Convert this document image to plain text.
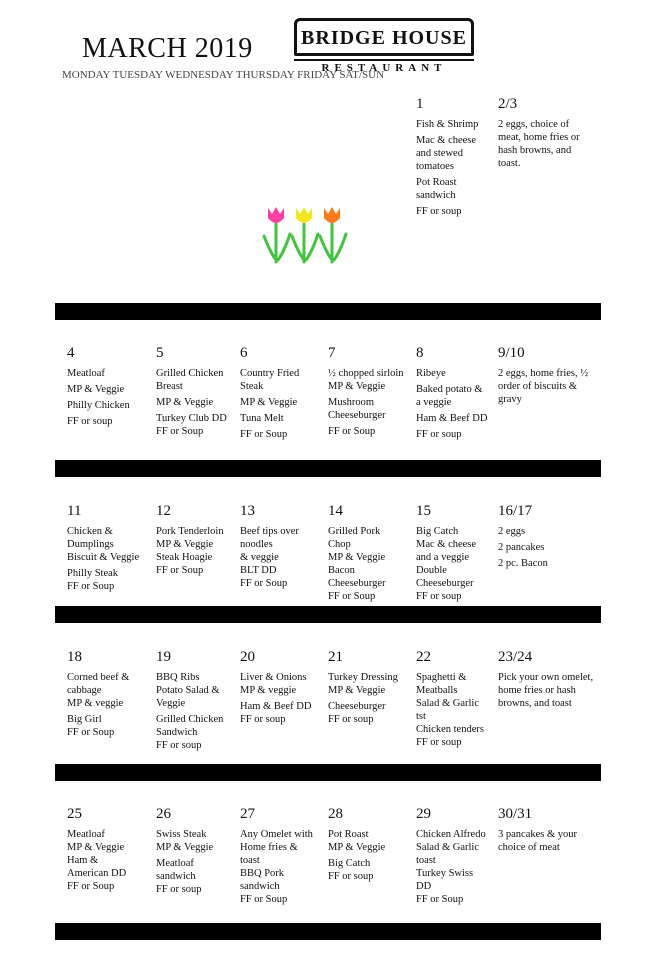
MARCH 2019	BRIDGE HOUSE
RESTAURANT
MONDAY TUESDAY WEDNESDAY THURSDAY FRIDAY SAT/SUN
1
Fish & Shrimp
Mac & cheese
and stewed
tomatoes
Pot Roast
sandwich
FF or soup
2/3
2 eggs, choice of
meat, home fries or
hash browns, and
toast.
4
Meatloaf
MP & Veggie
Philly Chicken
FF or soup
5
Grilled Chicken
Breast
MP & Veggie
Turkey Club DD
FF or Soup
6
Country Fried
Steak
MP & Veggie
Tuna Melt
FF or Soup
7
½ chopped sirloin
MP & Veggie
Mushroom
Cheeseburger
FF or Soup
8
Ribeye
Baked potato &
a veggie
Ham & Beef DD
FF or soup
9/10
2 eggs, home fries, ½
order of biscuits &
gravy
11
Chicken &
Dumplings
Biscuit & Veggie
Philly Steak
FF or Soup
12
Pork Tenderloin
MP & Veggie
Steak Hoagie
FF or Soup
13
Beef tips over
noodles
& veggie
BLT DD
FF or Soup
14
Grilled Pork
Chop
MP & Veggie
Bacon
Cheeseburger
FF or Soup
15
Big Catch
Mac & cheese
and a veggie
Double
Cheeseburger
FF or soup
16/17
2 eggs
2 pancakes
2 pc. Bacon
18
Corned beef &
cabbage
MP & veggie
Big Girl
FF or Soup
19
BBQ Ribs
Potato Salad &
Veggie
Grilled Chicken
Sandwich
FF or soup
20
Liver & Onions
MP & veggie
Ham & Beef DD
FF or soup
21
Turkey Dressing
MP & Veggie
Cheeseburger
FF or soup
22
Spaghetti &
Meatballs
Salad & Garlic
tst
Chicken tenders
FF or soup
23/24
Pick your own omelet,
home fries or hash
browns, and toast
25
Meatloaf
MP & Veggie
Ham &
American DD
FF or Soup
26
Swiss Steak
MP & Veggie
Meatloaf
sandwich
FF or soup
27
Any Omelet with
Home fries &
toast
BBQ Pork
sandwich
FF or Soup
28
Pot Roast
MP & Veggie
Big Catch
FF or soup
29
Chicken Alfredo
Salad & Garlic
toast
Turkey Swiss
DD
FF or Soup
30/31
3 pancakes & your
choice of meat
